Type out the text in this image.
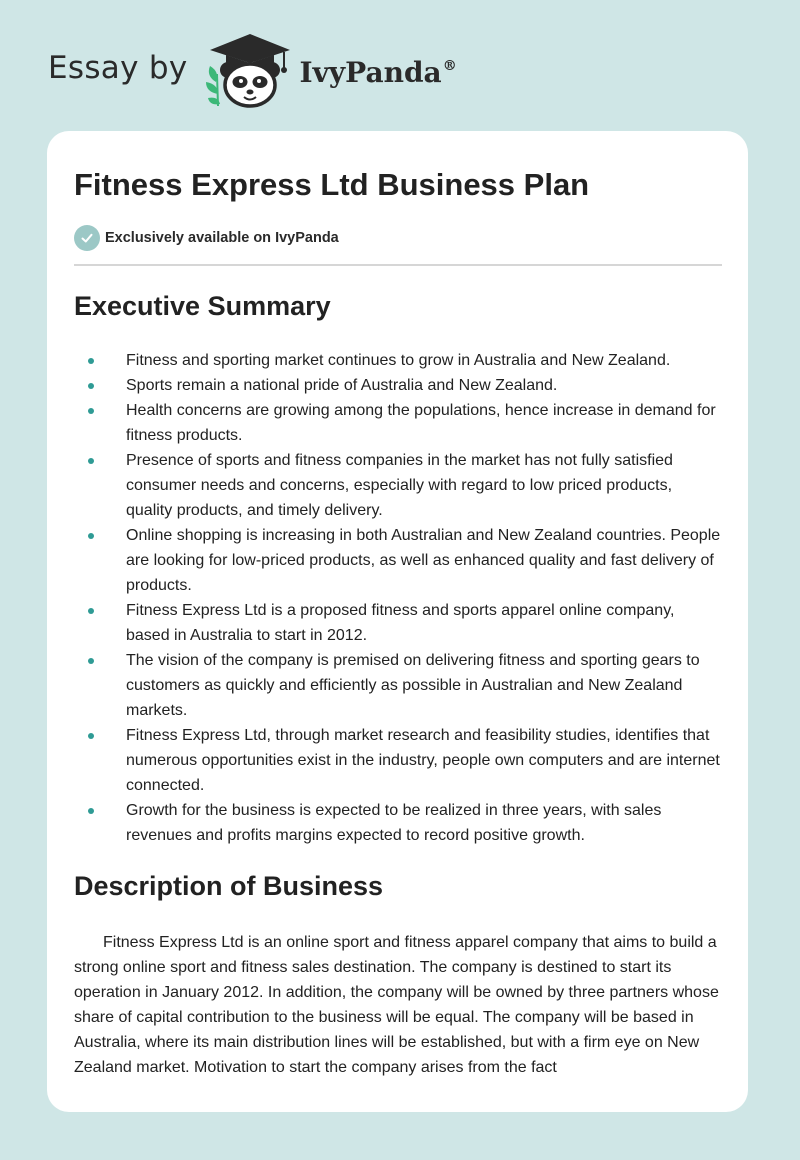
Essay by	IvyPanda®
Fitness Express Ltd Business Plan
Exclusively available on IvyPanda
Executive Summary
Fitness and sporting market continues to grow in Australia and New Zealand.
Sports remain a national pride of Australia and New Zealand.
Health concerns are growing among the populations, hence increase in demand for fitness products.
Presence of sports and fitness companies in the market has not fully satisfied consumer needs and concerns, especially with regard to low priced products, quality products, and timely delivery.
Online shopping is increasing in both Australian and New Zealand countries. People are looking for low-priced products, as well as enhanced quality and fast delivery of products.
Fitness Express Ltd is a proposed fitness and sports apparel online company, based in Australia to start in 2012.
The vision of the company is premised on delivering fitness and sporting gears to customers as quickly and efficiently as possible in Australian and New Zealand markets.
Fitness Express Ltd, through market research and feasibility studies, identifies that numerous opportunities exist in the industry, people own computers and are internet connected.
Growth for the business is expected to be realized in three years, with sales revenues and profits margins expected to record positive growth.
Description of Business

Fitness Express Ltd is an online sport and fitness apparel company that aims to build a strong online sport and fitness sales destination. The company is destined to start its operation in January 2012. In addition, the company will be owned by three partners whose share of capital contribution to the business will be equal. The company will be based in Australia, where its main distribution lines will be established, but with a firm eye on New Zealand market. Motivation to start the company arises from the fact
